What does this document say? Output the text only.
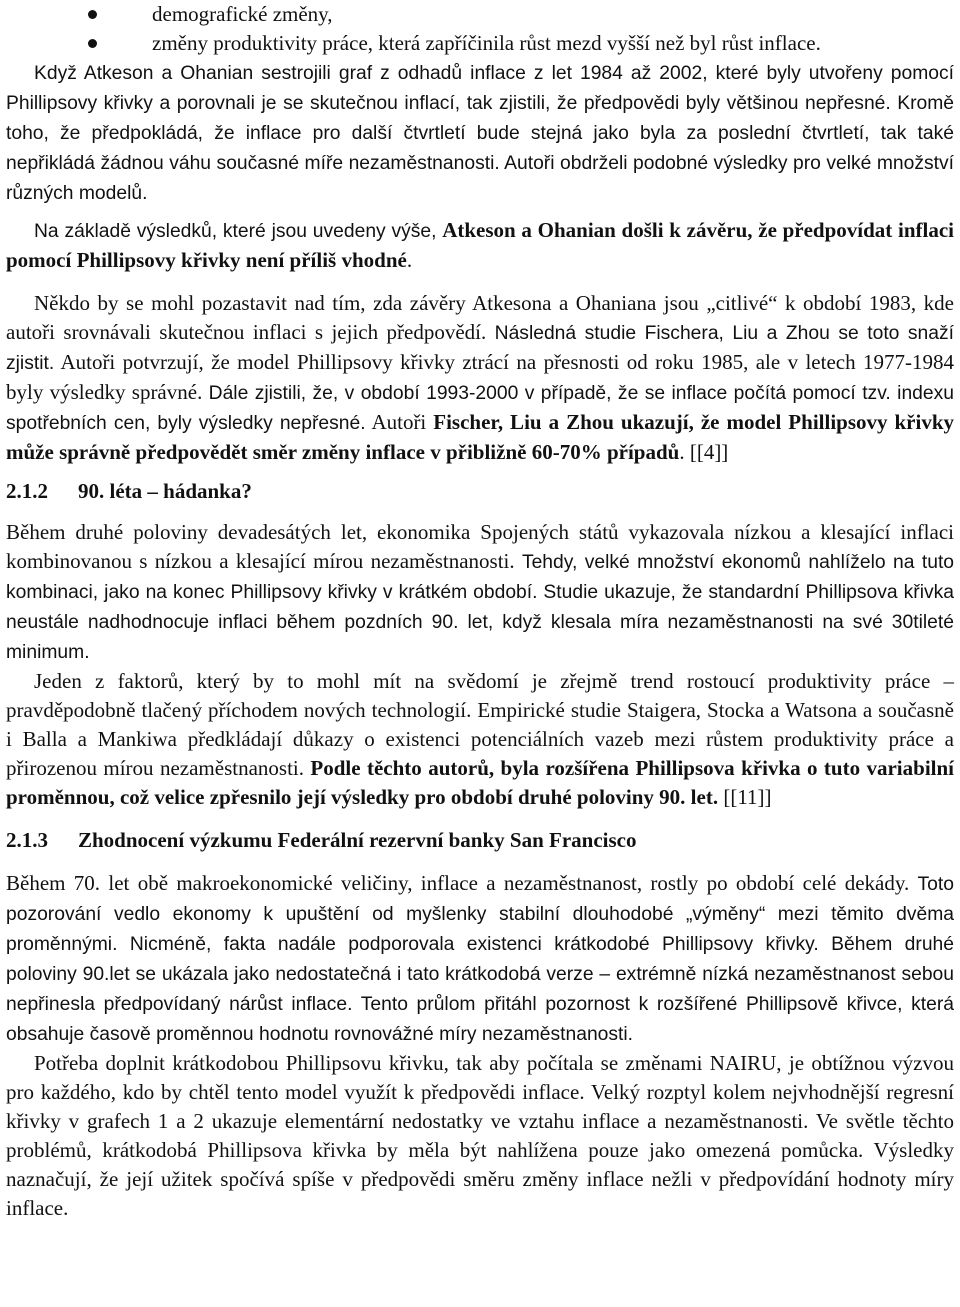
demografické změny,
změny produktivity práce, která zapříčinila růst mezd vyšší než byl růst inflace.

Když Atkeson a Ohanian sestrojili graf z odhadů inflace z let 1984 až 2002, které byly utvořeny pomocí Phillipsovy křivky a porovnali je se skutečnou inflací, tak zjistili, že předpovědi byly většinou nepřesné. Kromě toho, že předpokládá, že inflace pro další čtvrtletí bude stejná jako byla za poslední čtvrtletí, tak také nepřikládá žádnou váhu současné míře nezaměstnanosti. Autoři obdrželi podobné výsledky pro velké množství různých modelů.

Na základě výsledků, které jsou uvedeny výše, Atkeson a Ohanian došli k závěru, že předpovídat inflaci pomocí Phillipsovy křivky není příliš vhodné.

Někdo by se mohl pozastavit nad tím, zda závěry Atkesona a Ohaniana jsou „citlivé“ k období 1983, kde autoři srovnávali skutečnou inflaci s jejich předpovědí. Následná studie Fischera, Liu a Zhou se toto snaží zjistit. Autoři potvrzují, že model Phillipsovy křivky ztrácí na přesnosti od roku 1985, ale v letech 1977-1984 byly výsledky správné. Dále zjistili, že, v období 1993-2000 v případě, že se inflace počítá pomocí tzv. indexu spotřebních cen, byly výsledky nepřesné. Autoři Fischer, Liu a Zhou ukazují, že model Phillipsovy křivky může správně předpovědět směr změny inflace v přibližně 60-70% případů. [[4]]

2.1.2 90. léta – hádanka?

Během druhé poloviny devadesátých let, ekonomika Spojených států vykazovala nízkou a klesající inflaci kombinovanou s nízkou a klesající mírou nezaměstnanosti. Tehdy, velké množství ekonomů nahlíželo na tuto kombinaci, jako na konec Phillipsovy křivky v krátkém období. Studie ukazuje, že standardní Phillipsova křivka neustále nadhodnocuje inflaci během pozdních 90. let, když klesala míra nezaměstnanosti na své 30tileté minimum.

Jeden z faktorů, který by to mohl mít na svědomí je zřejmě trend rostoucí produktivity práce – pravděpodobně tlačený příchodem nových technologií. Empirické studie Staigera, Stocka a Watsona a současně i Balla a Mankiwa předkládají důkazy o existenci potenciálních vazeb mezi růstem produktivity práce a přirozenou mírou nezaměstnanosti. Podle těchto autorů, byla rozšířena Phillipsova křivka o tuto variabilní proměnnou, což velice zpřesnilo její výsledky pro období druhé poloviny 90. let. [[11]]

2.1.3 Zhodnocení výzkumu Federální rezervní banky San Francisco

Během 70. let obě makroekonomické veličiny, inflace a nezaměstnanost, rostly po období celé dekády. Toto pozorování vedlo ekonomy k upuštění od myšlenky stabilní dlouhodobé „výměny“ mezi těmito dvěma proměnnými. Nicméně, fakta nadále podporovala existenci krátkodobé Phillipsovy křivky. Během druhé poloviny 90.let se ukázala jako nedostatečná i tato krátkodobá verze – extrémně nízká nezaměstnanost sebou nepřinesla předpovídaný nárůst inflace. Tento průlom přitáhl pozornost k rozšířené Phillipsově křivce, která obsahuje časově proměnnou hodnotu rovnovážné míry nezaměstnanosti.

Potřeba doplnit krátkodobou Phillipsovu křivku, tak aby počítala se změnami NAIRU, je obtížnou výzvou pro každého, kdo by chtěl tento model využít k předpovědi inflace. Velký rozptyl kolem nejvhodnější regresní křivky v grafech 1 a 2 ukazuje elementární nedostatky ve vztahu inflace a nezaměstnanosti. Ve světle těchto problémů, krátkodobá Phillipsova křivka by měla být nahlížena pouze jako omezená pomůcka. Výsledky naznačují, že její užitek spočívá spíše v předpovědi směru změny inflace nežli v předpovídání hodnoty míry inflace.
